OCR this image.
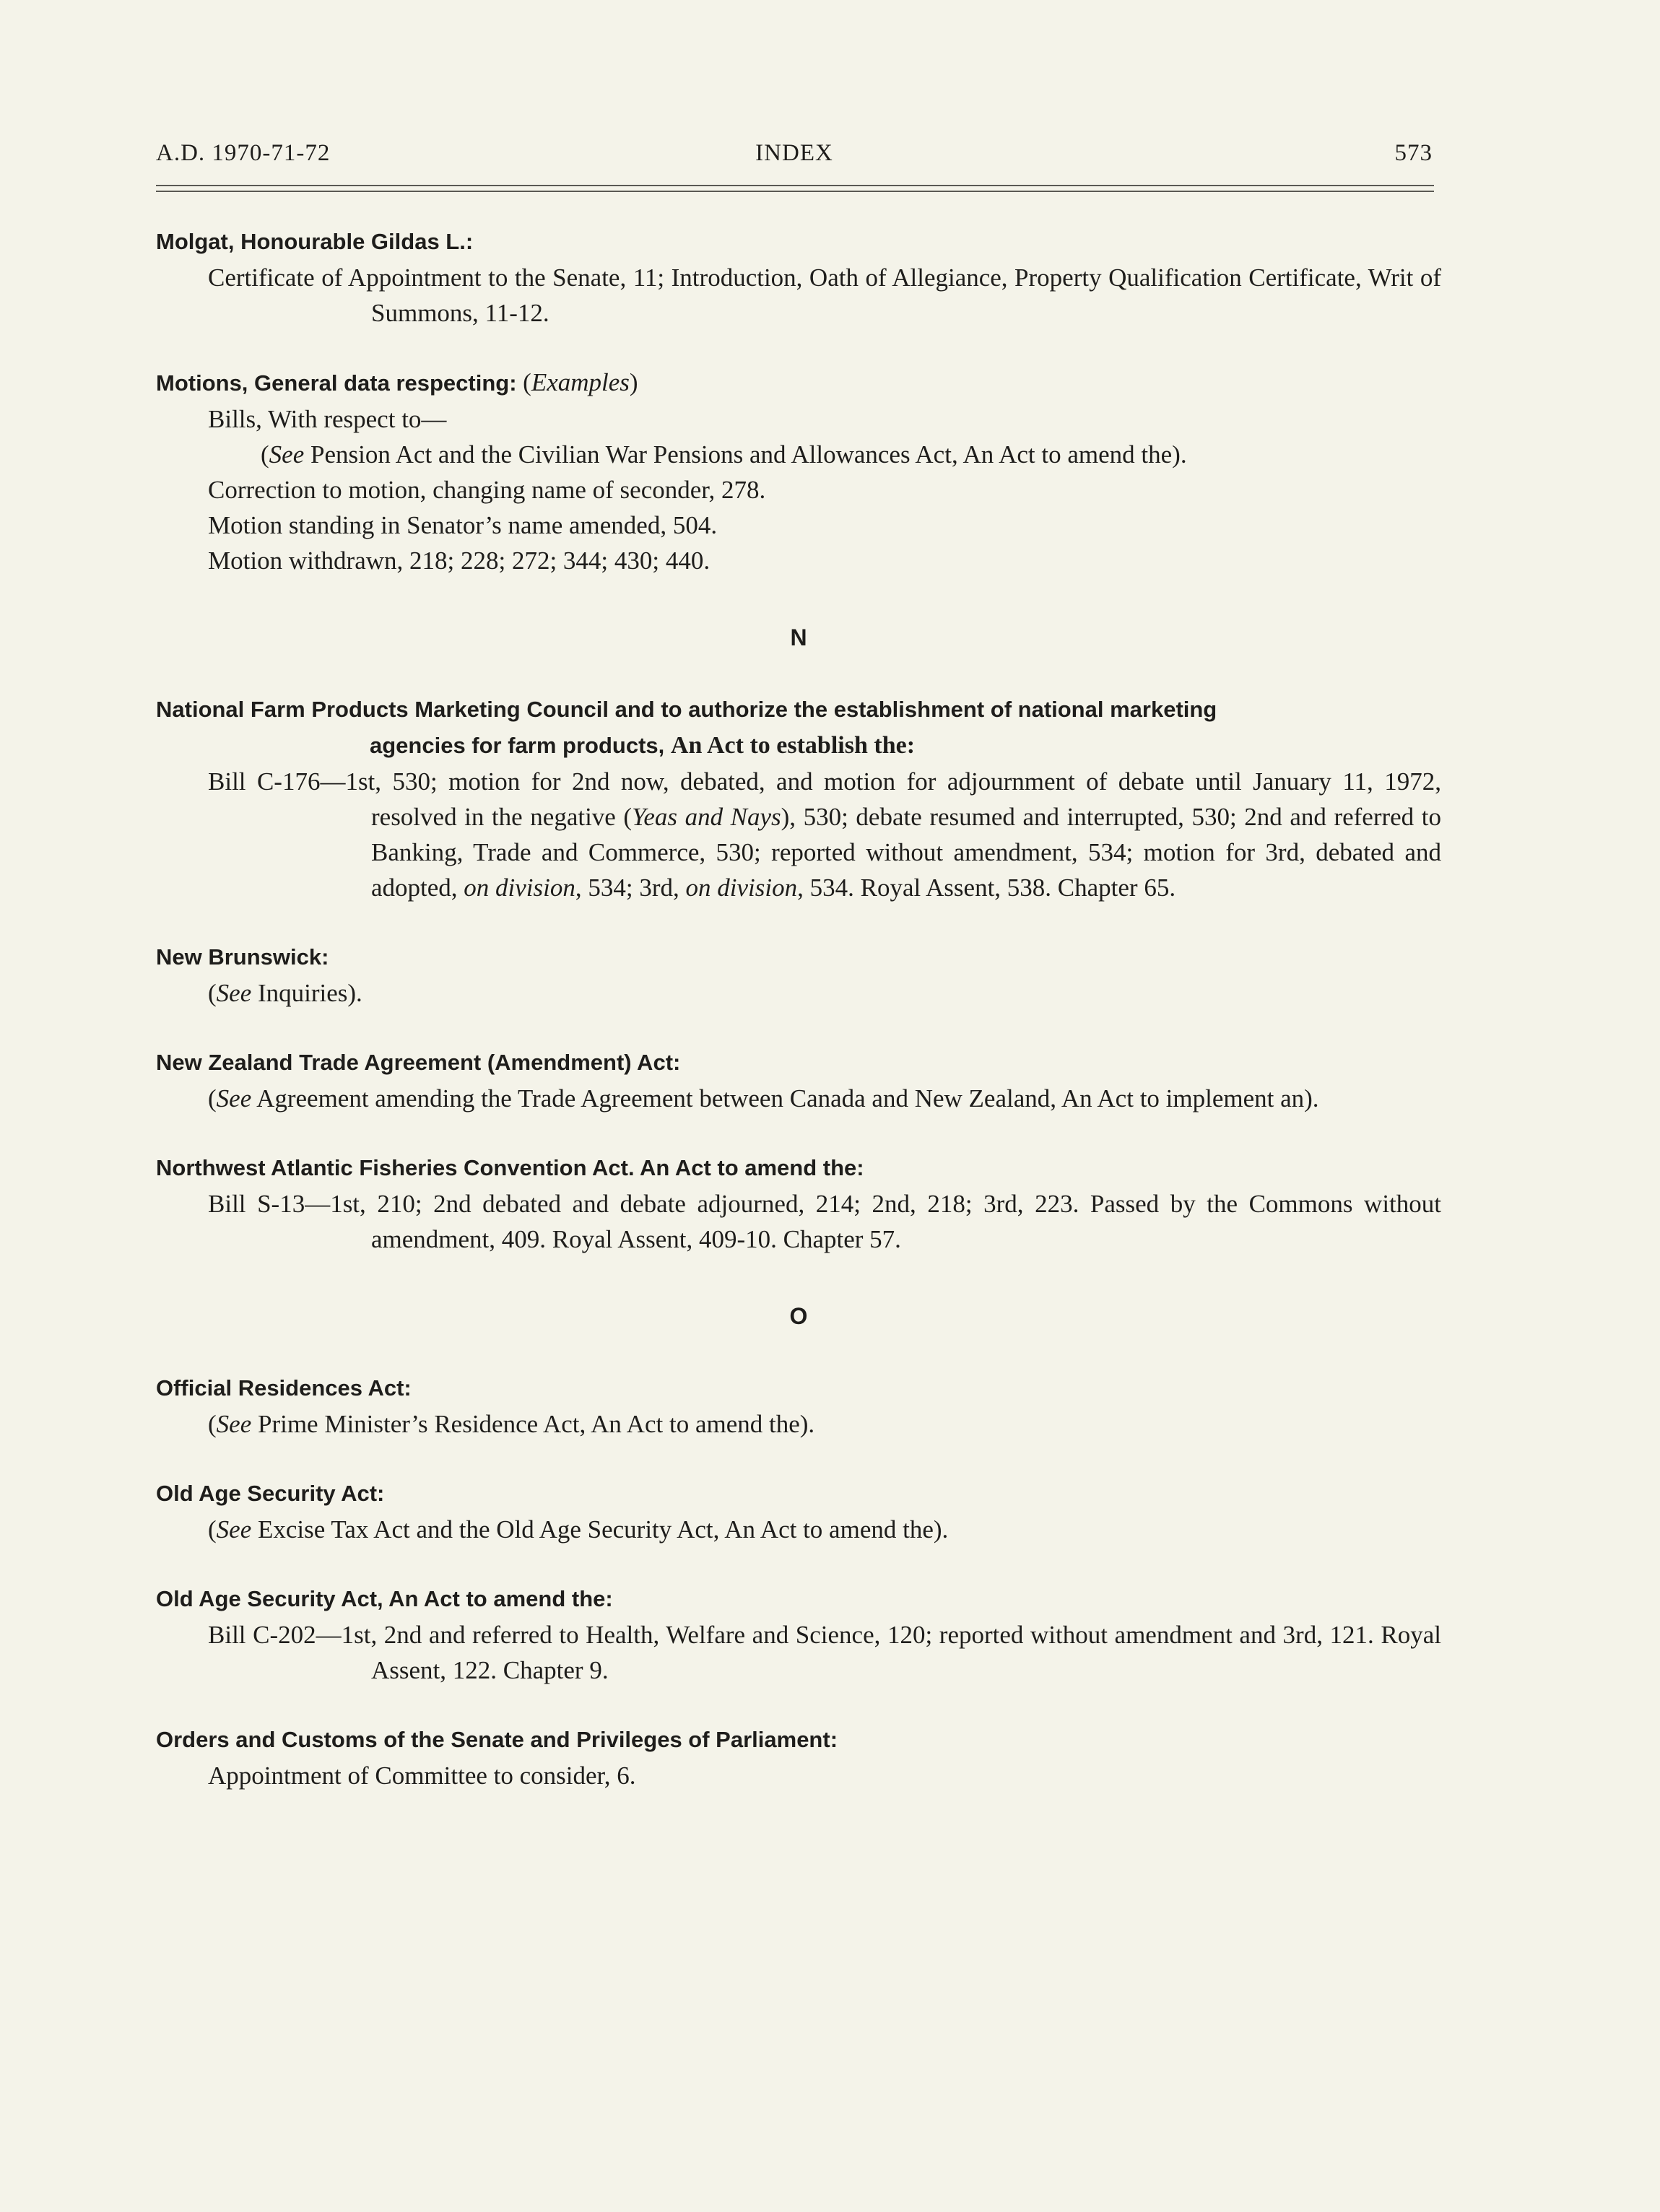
A.D. 1970-71-72	INDEX	573
Molgat, Honourable Gildas L.:
Certificate of Appointment to the Senate, 11; Introduction, Oath of Allegiance, Property Qualification Certificate, Writ of Summons, 11-12.
Motions, General data respecting: (Examples)
Bills, With respect to—
(See Pension Act and the Civilian War Pensions and Allowances Act, An Act to amend the).
Correction to motion, changing name of seconder, 278.
Motion standing in Senator’s name amended, 504.
Motion withdrawn, 218; 228; 272; 344; 430; 440.
N
National Farm Products Marketing Council and to authorize the establishment of national marketing
agencies for farm products, An Act to establish the:
Bill C-176—1st, 530; motion for 2nd now, debated, and motion for adjournment of debate until January 11, 1972, resolved in the negative (Yeas and Nays), 530; debate resumed and interrupted, 530; 2nd and referred to Banking, Trade and Commerce, 530; reported without amendment, 534; motion for 3rd, debated and adopted, on division, 534; 3rd, on division, 534. Royal Assent, 538. Chapter 65.
New Brunswick:
(See Inquiries).
New Zealand Trade Agreement (Amendment) Act:
(See Agreement amending the Trade Agreement between Canada and New Zealand, An Act to implement an).
Northwest Atlantic Fisheries Convention Act. An Act to amend the:
Bill S-13—1st, 210; 2nd debated and debate adjourned, 214; 2nd, 218; 3rd, 223. Passed by the Commons without amendment, 409. Royal Assent, 409-10. Chapter 57.
O
Official Residences Act:
(See Prime Minister’s Residence Act, An Act to amend the).
Old Age Security Act:
(See Excise Tax Act and the Old Age Security Act, An Act to amend the).
Old Age Security Act, An Act to amend the:
Bill C-202—1st, 2nd and referred to Health, Welfare and Science, 120; reported without amendment and 3rd, 121. Royal Assent, 122. Chapter 9.
Orders and Customs of the Senate and Privileges of Parliament:
Appointment of Committee to consider, 6.
